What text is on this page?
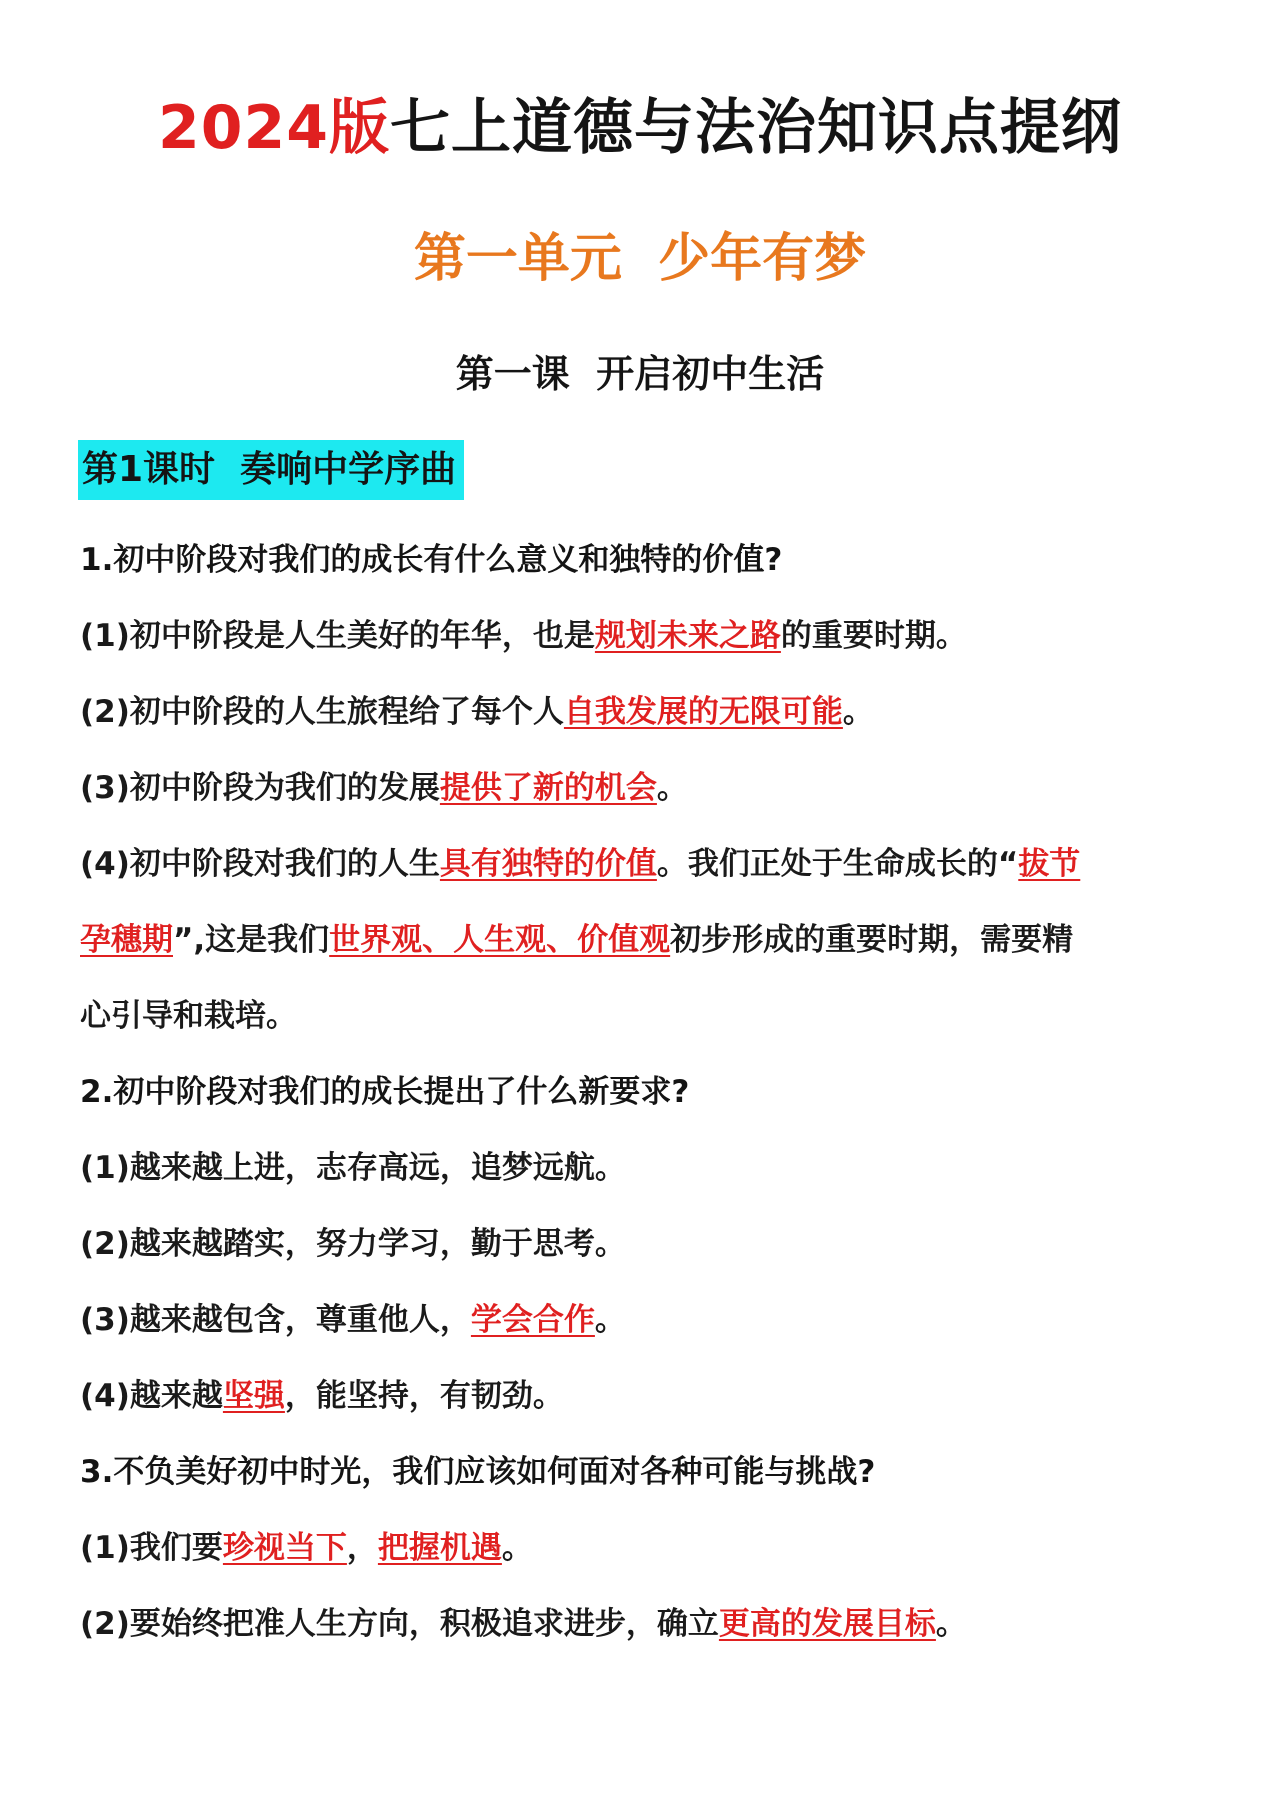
2024版七上道德与法治知识点提纲
第一单元  少年有梦
第一课  开启初中生活
第1课时  奏响中学序曲
1.初中阶段对我们的成长有什么意义和独特的价值?
(1)初中阶段是人生美好的年华，也是规划未来之路的重要时期。
(2)初中阶段的人生旅程给了每个人自我发展的无限可能。
(3)初中阶段为我们的发展提供了新的机会。
(4)初中阶段对我们的人生具有独特的价值。我们正处于生命成长的“拔节
孕穗期”,这是我们世界观、人生观、价值观初步形成的重要时期，需要精
心引导和栽培。
2.初中阶段对我们的成长提出了什么新要求?
(1)越来越上进，志存高远，追梦远航。
(2)越来越踏实，努力学习，勤于思考。
(3)越来越包含，尊重他人，学会合作。
(4)越来越坚强，能坚持，有韧劲。
3.不负美好初中时光，我们应该如何面对各种可能与挑战?
(1)我们要珍视当下，把握机遇。
(2)要始终把准人生方向，积极追求进步，确立更高的发展目标。
